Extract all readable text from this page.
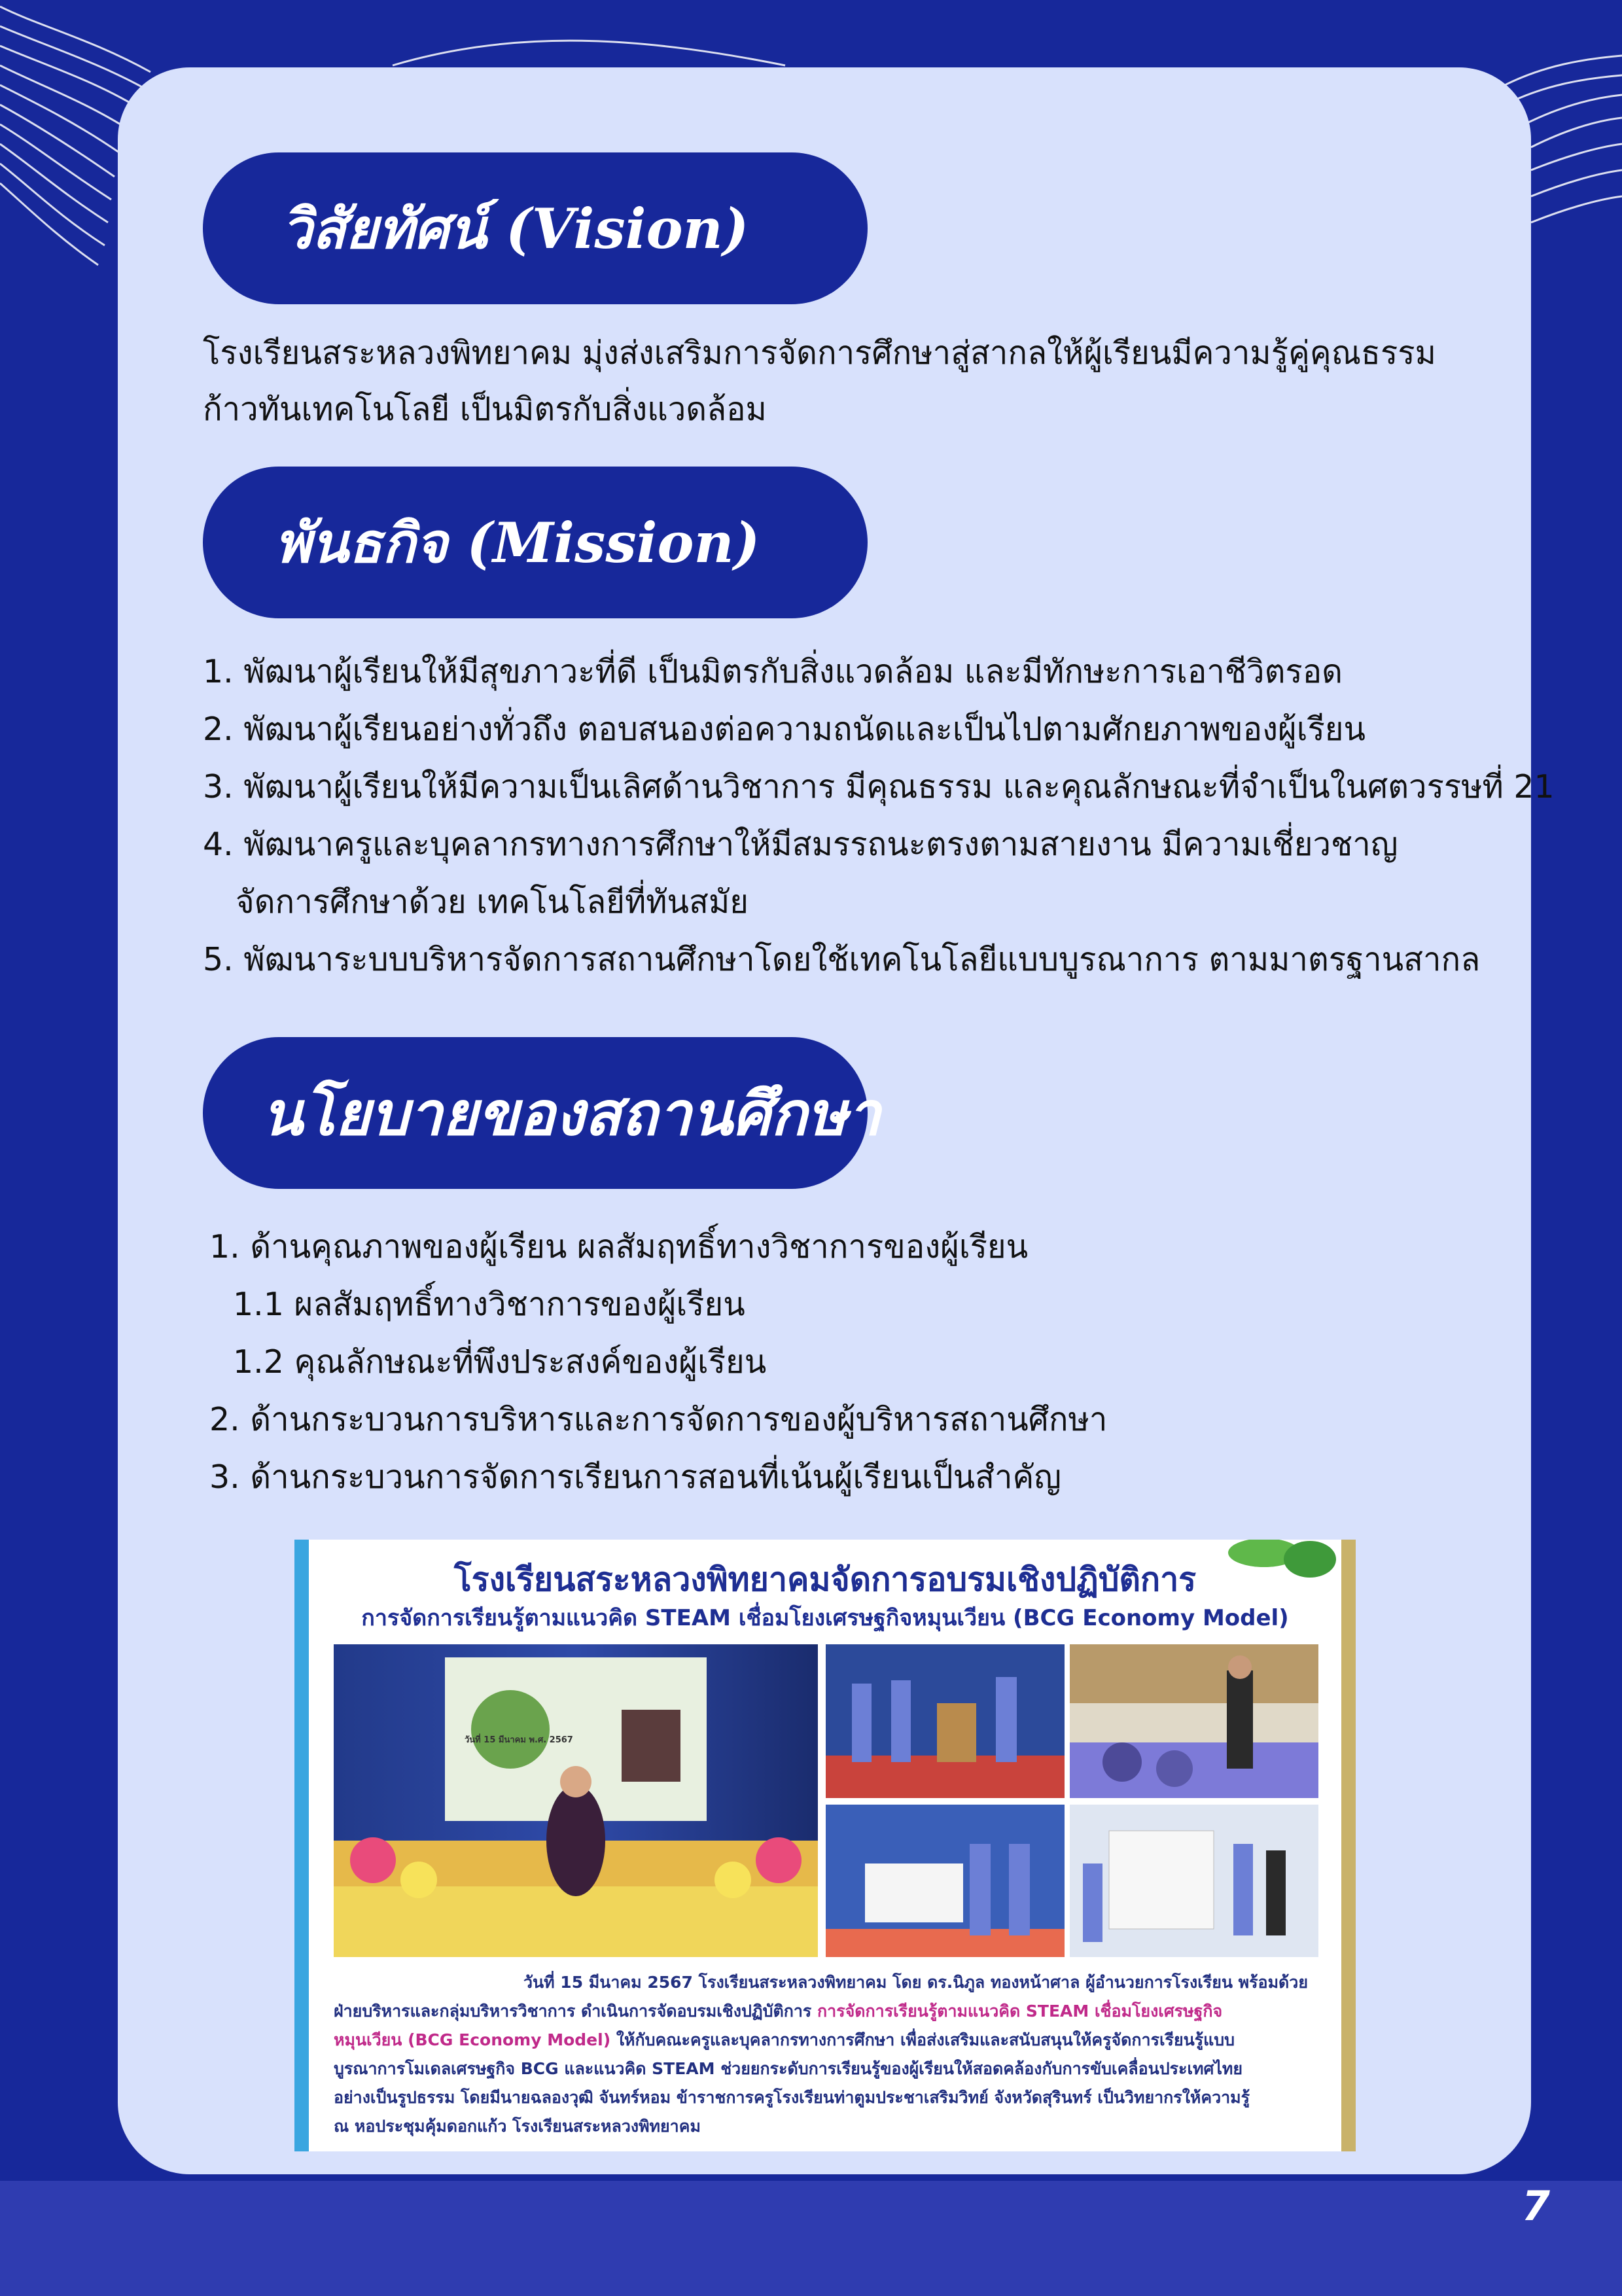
7
วิสัยทัศน์ (Vision)
โรงเรียนสระหลวงพิทยาคม มุ่งส่งเสริมการจัดการศึกษาสู่สากลให้ผู้เรียนมีความรู้คู่คุณธรรม
ก้าวทันเทคโนโลยี เป็นมิตรกับสิ่งแวดล้อม
พันธกิจ (Mission)
1. พัฒนาผู้เรียนให้มีสุขภาวะที่ดี เป็นมิตรกับสิ่งแวดล้อม และมีทักษะการเอาชีวิตรอด
2. พัฒนาผู้เรียนอย่างทั่วถึง ตอบสนองต่อความถนัดและเป็นไปตามศักยภาพของผู้เรียน
3. พัฒนาผู้เรียนให้มีความเป็นเลิศด้านวิชาการ มีคุณธรรม และคุณลักษณะที่จำเป็นในศตวรรษที่ 21
4. พัฒนาครูและบุคลากรทางการศึกษาให้มีสมรรถนะตรงตามสายงาน มีความเชี่ยวชาญ
จัดการศึกษาด้วย เทคโนโลยีที่ทันสมัย
5. พัฒนาระบบบริหารจัดการสถานศึกษาโดยใช้เทคโนโลยีแบบบูรณาการ ตามมาตรฐานสากล
นโยบายของสถานศึกษา
1. ด้านคุณภาพของผู้เรียน ผลสัมฤทธิ์ทางวิชาการของผู้เรียน
1.1 ผลสัมฤทธิ์ทางวิชาการของผู้เรียน
1.2 คุณลักษณะที่พึงประสงค์ของผู้เรียน
2. ด้านกระบวนการบริหารและการจัดการของผู้บริหารสถานศึกษา
3. ด้านกระบวนการจัดการเรียนการสอนที่เน้นผู้เรียนเป็นสำคัญ
โรงเรียนสระหลวงพิทยาคมจัดการอบรมเชิงปฏิบัติการ
การจัดการเรียนรู้ตามแนวคิด STEAM เชื่อมโยงเศรษฐกิจหมุนเวียน (BCG Economy Model)
วันที่ 15 มีนาคม พ.ศ. 2567

วันที่ 15 มีนาคม 2567 โรงเรียนสระหลวงพิทยาคม โดย ดร.นิภูล ทองหน้าศาล ผู้อำนวยการโรงเรียน พร้อมด้วย

ฝ่ายบริหารและกลุ่มบริหารวิชาการ ดำเนินการจัดอบรมเชิงปฏิบัติการ การจัดการเรียนรู้ตามแนวคิด STEAM เชื่อมโยงเศรษฐกิจ

หมุนเวียน (BCG Economy Model) ให้กับคณะครูและบุคลากรทางการศึกษา เพื่อส่งเสริมและสนับสนุนให้ครูจัดการเรียนรู้แบบ

บูรณาการโมเดลเศรษฐกิจ BCG และแนวคิด STEAM ช่วยยกระดับการเรียนรู้ของผู้เรียนให้สอดคล้องกับการขับเคลื่อนประเทศไทย

อย่างเป็นรูปธรรม โดยมีนายฉลองวุฒิ จันทร์หอม ข้าราชการครูโรงเรียนท่าตูมประชาเสริมวิทย์ จังหวัดสุรินทร์ เป็นวิทยากรให้ความรู้

ณ หอประชุมคุ้มดอกแก้ว โรงเรียนสระหลวงพิทยาคม
